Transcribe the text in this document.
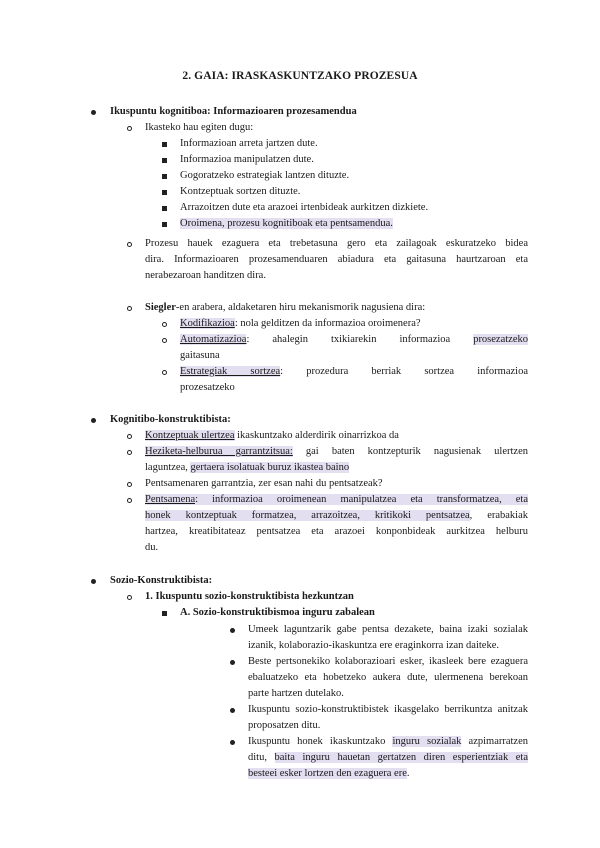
2. GAIA: IRASKASKUNTZAKO PROZESUA
Ikuspuntu kognitiboa: Informazioaren prozesamendua
Ikasteko hau egiten dugu:
Informazioan arreta jartzen dute.
Informazioa manipulatzen dute.
Gogoratzeko estrategiak lantzen dituzte.
Kontzeptuak sortzen dituzte.
Arrazoitzen dute eta arazoei irtenbideak aurkitzen dizkiete.
Oroimena, prozesu kognitiboak eta pentsamendua.
Prozesu hauek ezaguera eta trebetasuna gero eta zailagoak eskuratzeko bidea
dira. Informazioaren prozesamenduaren abiadura eta gaitasuna haurtzaroan eta
nerabezaroan handitzen dira.
Siegler-en arabera, aldaketaren hiru mekanismorik nagusiena dira:
Kodifikazioa: nola gelditzen da informazioa oroimenera?
Automatizazioa: ahalegin txikiarekin informazioa prosezatzeko
gaitasuna
Estrategiak sortzea: prozedura berriak sortzea informazioa
prozesatzeko
Kognitibo-konstruktibista:
Kontzeptuak ulertzea ikaskuntzako alderdirik oinarrizkoa da
Heziketa-helburua garrantzitsua: gai baten kontzepturik nagusienak ulertzen
laguntzea, gertaera isolatuak buruz ikastea baino
Pentsamenaren garrantzia, zer esan nahi du pentsatzeak?
Pentsamena: informazioa oroimenean manipulatzea eta transformatzea, eta
honek kontzeptuak formatzea, arrazoitzea, kritikoki pentsatzea, erabakiak
hartzea, kreatibitateaz pentsatzea eta arazoei konponbideak aurkitzea helburu
du.
Sozio-Konstruktibista:
1. Ikuspuntu sozio-konstruktibista hezkuntzan
A. Sozio-konstruktibismoa inguru zabalean
Umeek laguntzarik gabe pentsa dezakete, baina izaki sozialak
izanik, kolaborazio-ikaskuntza ere eraginkorra izan daiteke.
Beste pertsonekiko kolaborazioari esker, ikasleek bere ezaguera
ebaluatzeko eta hobetzeko aukera dute, ulermenena berekoan
parte hartzen dutelako.
Ikuspuntu sozio-konstruktibistek ikasgelako berrikuntza anitzak
proposatzen ditu.
Ikuspuntu honek ikaskuntzako inguru sozialak azpimarratzen
ditu, baita inguru hauetan gertatzen diren esperientziak eta
besteei esker lortzen den ezaguera ere.
